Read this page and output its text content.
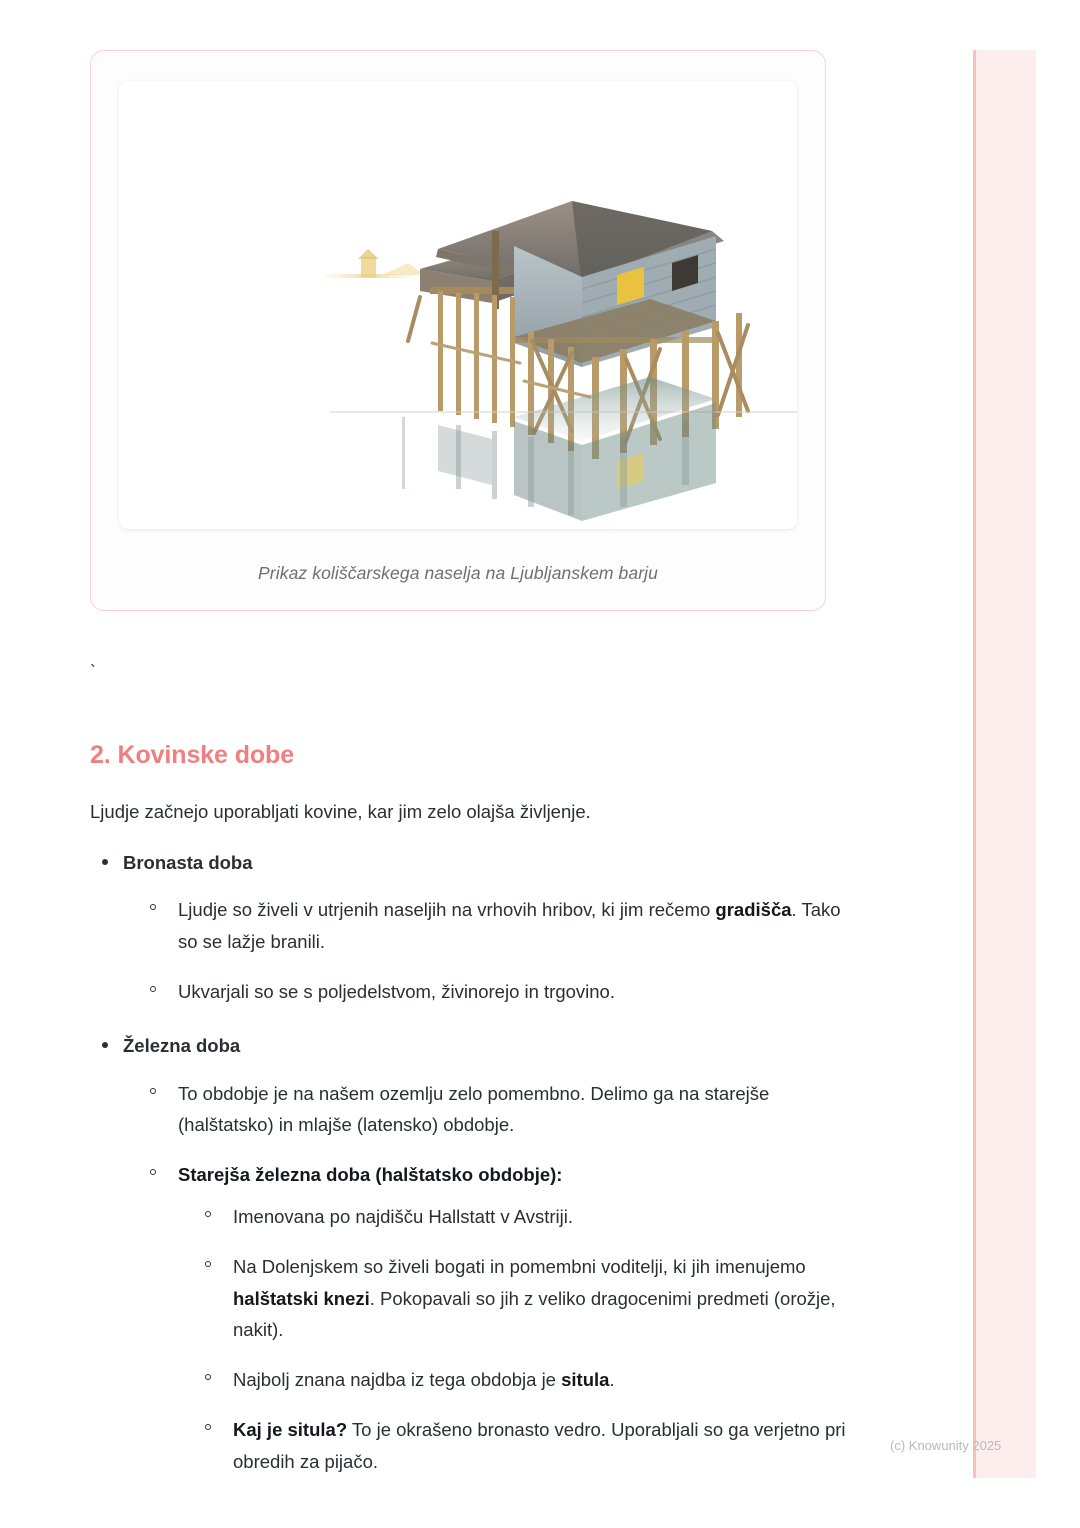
Prikaz koliščarskega naselja na Ljubljanskem barju
`
2. Kovinske dobe

Ljudje začnejo uporabljati kovine, kar jim zelo olajša življenje.

Bronasta doba
Ljudje so živeli v utrjenih naseljih na vrhovih hribov, ki jim rečemo gradišča. Tako so se lažje branili.
Ukvarjali so se s poljedelstvom, živinorejo in trgovino.
Železna doba
To obdobje je na našem ozemlju zelo pomembno. Delimo ga na starejše (halštatsko) in mlajše (latensko) obdobje.
Starejša železna doba (halštatsko obdobje):
Imenovana po najdišču Hallstatt v Avstriji.
Na Dolenjskem so živeli bogati in pomembni voditelji, ki jih imenujemo halštatski knezi. Pokopavali so jih z veliko dragocenimi predmeti (orožje, nakit).
Najbolj znana najdba iz tega obdobja je situla.
Kaj je situla? To je okrašeno bronasto vedro. Uporabljali so ga verjetno pri obredih za pijačo.
(c) Knowunity 2025
